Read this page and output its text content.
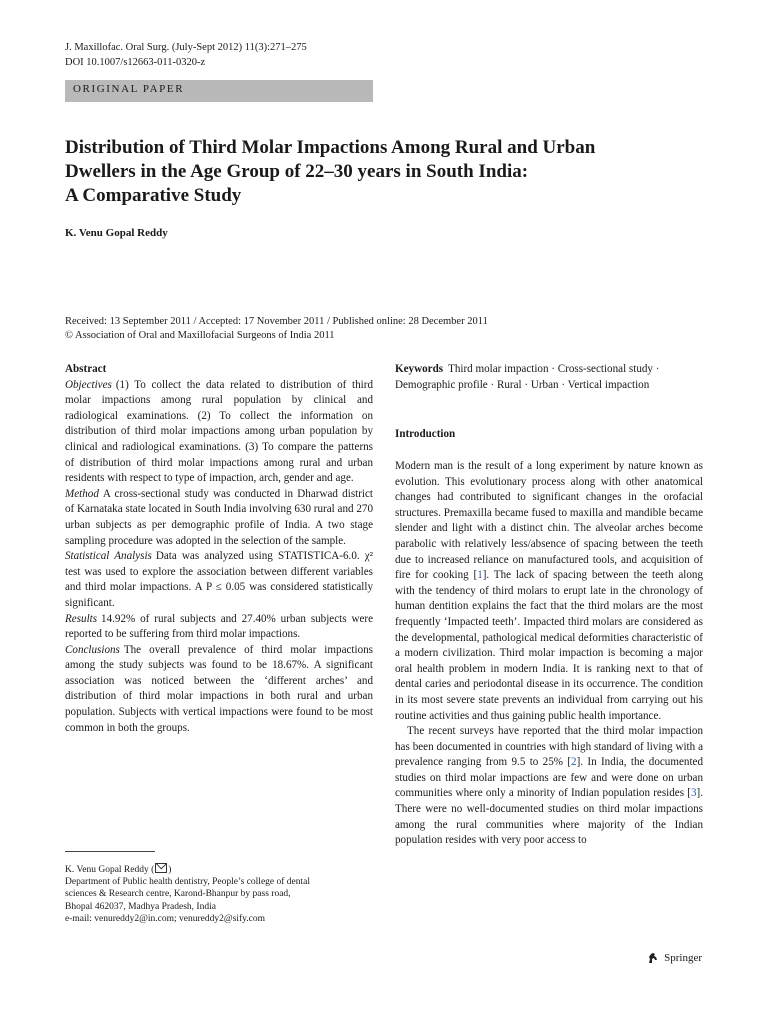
J. Maxillofac. Oral Surg. (July-Sept 2012) 11(3):271–275
DOI 10.1007/s12663-011-0320-z
ORIGINAL PAPER
Distribution of Third Molar Impactions Among Rural and Urban
Dwellers in the Age Group of 22–30 years in South India:
A Comparative Study
K. Venu Gopal Reddy
Received: 13 September 2011 / Accepted: 17 November 2011 / Published online: 28 December 2011
© Association of Oral and Maxillofacial Surgeons of India 2011
Abstract

Objectives (1) To collect the data related to distribution of third molar impactions among rural population by clinical and radiological examinations. (2) To collect the information on distribution of third molar impactions among urban population by clinical and radiological examinations. (3) To compare the patterns of distribution of third molar impactions among rural and urban residents with respect to type of impaction, arch, gender and age.

Method A cross-sectional study was conducted in Dharwad district of Karnataka state located in South India involving 630 rural and 270 urban subjects as per demographic profile of India. A two stage sampling procedure was adopted in the selection of the sample.

Statistical Analysis Data was analyzed using STATISTICA-6.0. χ² test was used to explore the association between different variables and third molar impactions. A P ≤ 0.05 was considered statistically significant.

Results 14.92% of rural subjects and 27.40% urban subjects were reported to be suffering from third molar impactions.

Conclusions The overall prevalence of third molar impactions among the study subjects was found to be 18.67%. A significant association was noticed between the ‘different arches’ and distribution of third molar impactions in both rural and urban population. Subjects with vertical impactions were found to be most common in both the groups.

K. Venu Gopal Reddy ( )
Department of Public health dentistry, People’s college of dental
sciences & Research centre, Karond-Bhanpur by pass road,
Bhopal 462037, Madhya Pradesh, India
e-mail: venureddy2@in.com; venureddy2@sify.com
Keywords Third molar impaction · Cross-sectional study · Demographic profile · Rural · Urban · Vertical impaction
Introduction

Modern man is the result of a long experiment by nature known as evolution. This evolutionary process along with other anatomical changes had contributed to significant changes in the orofacial structures. Premaxilla became fused to maxilla and mandible became slender and light with a distinct chin. The alveolar arches become parabolic with relatively less/absence of spacing between the teeth due to increased reliance on manufactured tools, and acquisition of fire for cooking [1]. The lack of spacing between the teeth along with the tendency of third molars to erupt late in the chronology of human dentition explains the fact that the third molars are the most frequently ‘Impacted teeth’. Impacted third molars are considered as the developmental, pathological medical deformities characteristic of a modern civilization. Third molar impaction is becoming a major oral health problem in modern India. It is ranking next to that of dental caries and periodontal disease in its occurrence. The condition in its most severe state prevents an individual from carrying out his routine activities and thus gaining public health importance.

The recent surveys have reported that the third molar impaction has been documented in countries with high standard of living with a prevalence ranging from 9.5 to 25% [2]. In India, the documented studies on third molar impactions are few and were done on urban communities where only a minority of Indian population resides [3]. There were no well-documented studies on third molar impactions among the rural communities where majority of the Indian population resides with very poor access to

Springer
